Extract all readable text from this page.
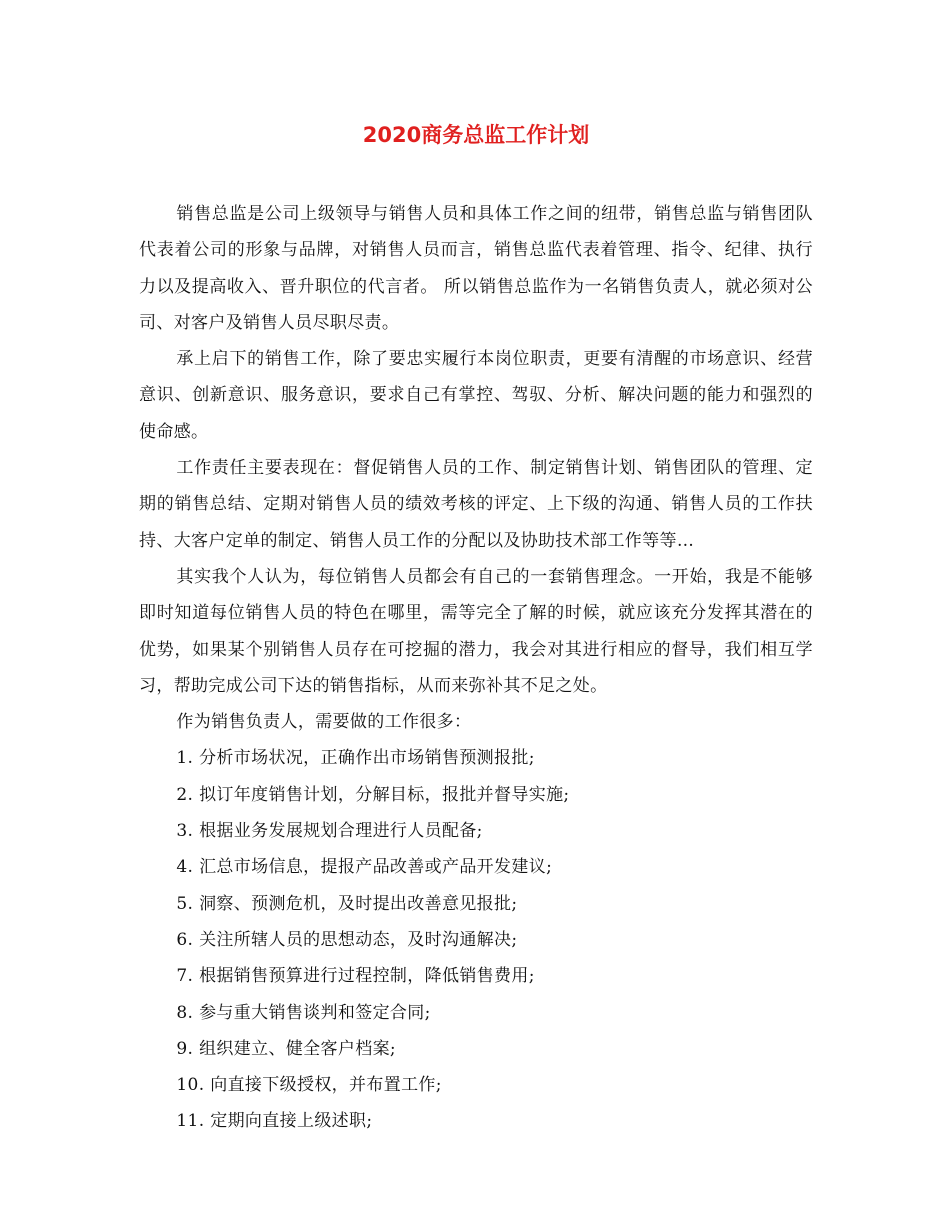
2020商务总监工作计划

销售总监是公司上级领导与销售人员和具体工作之间的纽带，销售总监与销售团队代表着公司的形象与品牌，对销售人员而言，销售总监代表着管理、指令、纪律、执行力以及提高收入、晋升职位的代言者。 所以销售总监作为一名销售负责人，就必须对公司、对客户及销售人员尽职尽责。

承上启下的销售工作，除了要忠实履行本岗位职责，更要有清醒的市场意识、经营意识、创新意识、服务意识，要求自己有掌控、驾驭、分析、解决问题的能力和强烈的使命感。

工作责任主要表现在：督促销售人员的工作、制定销售计划、销售团队的管理、定期的销售总结、定期对销售人员的绩效考核的评定、上下级的沟通、销售人员的工作扶持、大客户定单的制定、销售人员工作的分配以及协助技术部工作等等…

其实我个人认为，每位销售人员都会有自己的一套销售理念。一开始，我是不能够即时知道每位销售人员的特色在哪里，需等完全了解的时候，就应该充分发挥其潜在的优势，如果某个别销售人员存在可挖掘的潜力，我会对其进行相应的督导，我们相互学习，帮助完成公司下达的销售指标，从而来弥补其不足之处。

作为销售负责人，需要做的工作很多：

1. 分析市场状况，正确作出市场销售预测报批;
2. 拟订年度销售计划，分解目标，报批并督导实施;
3. 根据业务发展规划合理进行人员配备;
4. 汇总市场信息，提报产品改善或产品开发建议;
5. 洞察、预测危机，及时提出改善意见报批;
6. 关注所辖人员的思想动态，及时沟通解决;
7. 根据销售预算进行过程控制，降低销售费用;
8. 参与重大销售谈判和签定合同;
9. 组织建立、健全客户档案;
10. 向直接下级授权，并布置工作;
11. 定期向直接上级述职;
